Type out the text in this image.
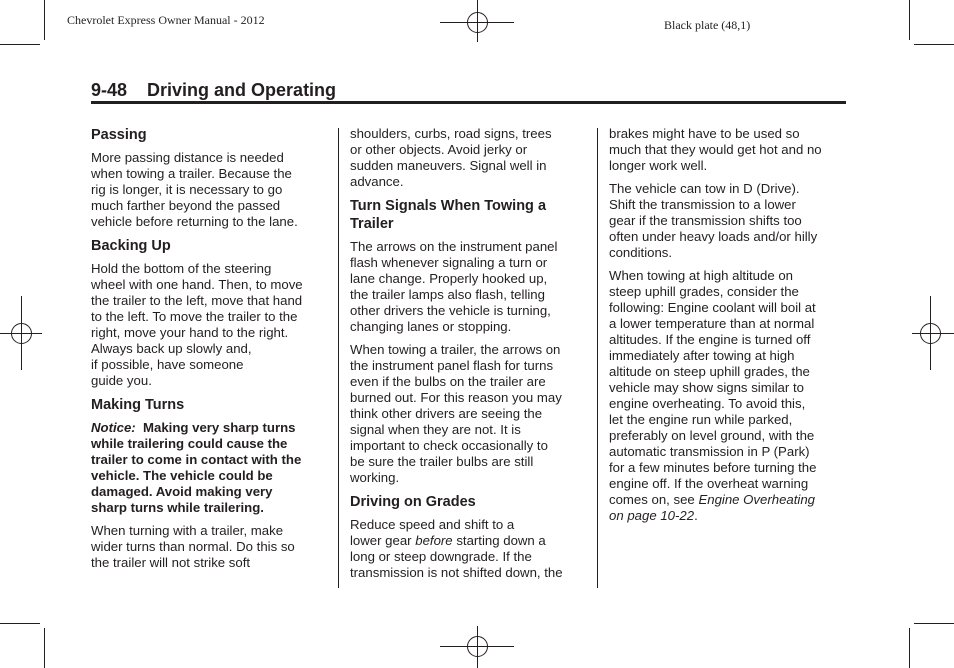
Chevrolet Express Owner Manual - 2012	Black plate (48,1)
9-48    Driving and Operating
Passing
More passing distance is needed
when towing a trailer. Because the
rig is longer, it is necessary to go
much farther beyond the passed
vehicle before returning to the lane.
Backing Up
Hold the bottom of the steering
wheel with one hand. Then, to move
the trailer to the left, move that hand
to the left. To move the trailer to the
right, move your hand to the right.
Always back up slowly and,
if possible, have someone
guide you.
Making Turns
Notice:  Making very sharp turns
while trailering could cause the
trailer to come in contact with the
vehicle. The vehicle could be
damaged. Avoid making very
sharp turns while trailering.
When turning with a trailer, make
wider turns than normal. Do this so
the trailer will not strike soft
shoulders, curbs, road signs, trees
or other objects. Avoid jerky or
sudden maneuvers. Signal well in
advance.
Turn Signals When Towing a
Trailer
The arrows on the instrument panel
flash whenever signaling a turn or
lane change. Properly hooked up,
the trailer lamps also flash, telling
other drivers the vehicle is turning,
changing lanes or stopping.
When towing a trailer, the arrows on
the instrument panel flash for turns
even if the bulbs on the trailer are
burned out. For this reason you may
think other drivers are seeing the
signal when they are not. It is
important to check occasionally to
be sure the trailer bulbs are still
working.
Driving on Grades
Reduce speed and shift to a
lower gear before starting down a
long or steep downgrade. If the
transmission is not shifted down, the
brakes might have to be used so
much that they would get hot and no
longer work well.
The vehicle can tow in D (Drive).
Shift the transmission to a lower
gear if the transmission shifts too
often under heavy loads and/or hilly
conditions.
When towing at high altitude on
steep uphill grades, consider the
following: Engine coolant will boil at
a lower temperature than at normal
altitudes. If the engine is turned off
immediately after towing at high
altitude on steep uphill grades, the
vehicle may show signs similar to
engine overheating. To avoid this,
let the engine run while parked,
preferably on level ground, with the
automatic transmission in P (Park)
for a few minutes before turning the
engine off. If the overheat warning
comes on, see Engine Overheating
on page 10-22.
